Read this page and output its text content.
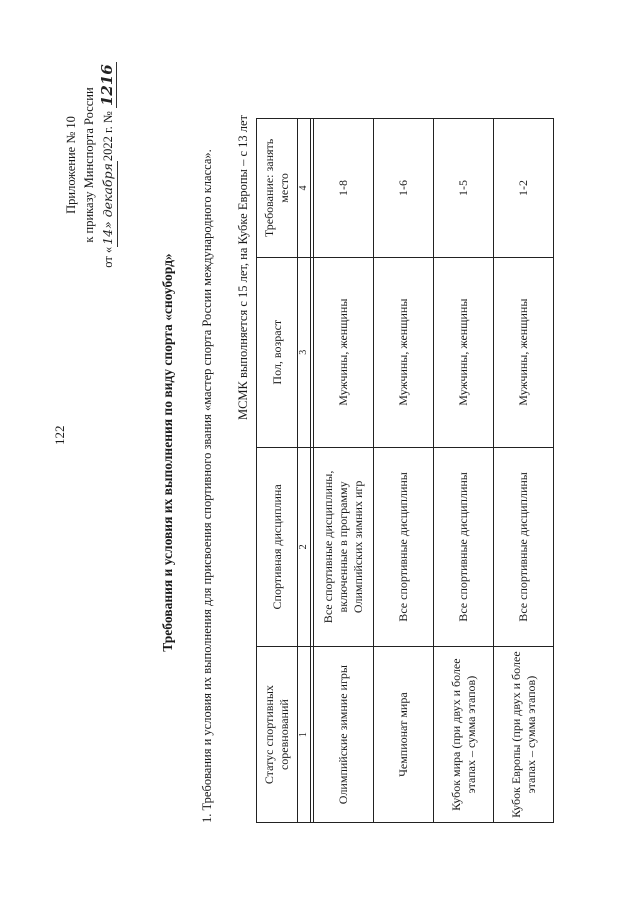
122
Приложение № 10 к приказу Минспорта России
от «14» декабря2022 г. № 1216
Требования и условия их выполнения по виду спорта «сноуборд» 1. Требования и условия их выполнения для присвоения спортивного звания «мастер спорта России международного класса». МСМК выполняется с 15 лет, на Кубке Европы – с 13 лет
Статус спортивных соревнований	Спортивная дисциплина	Пол, возраст	Требование: занять место
1	2	3	4

Олимпийские зимние игры	Все спортивные дисциплины, включенные в программу Олимпийских зимних игр	Мужчины, женщины	1-8
Чемпионат мира	Все спортивные дисциплины	Мужчины, женщины	1-6
Кубок мира (при двух и более этапах – сумма этапов)	Все спортивные дисциплины	Мужчины, женщины	1-5
Кубок Европы (при двух и более этапах – сумма этапов)	Все спортивные дисциплины	Мужчины, женщины	1-2
